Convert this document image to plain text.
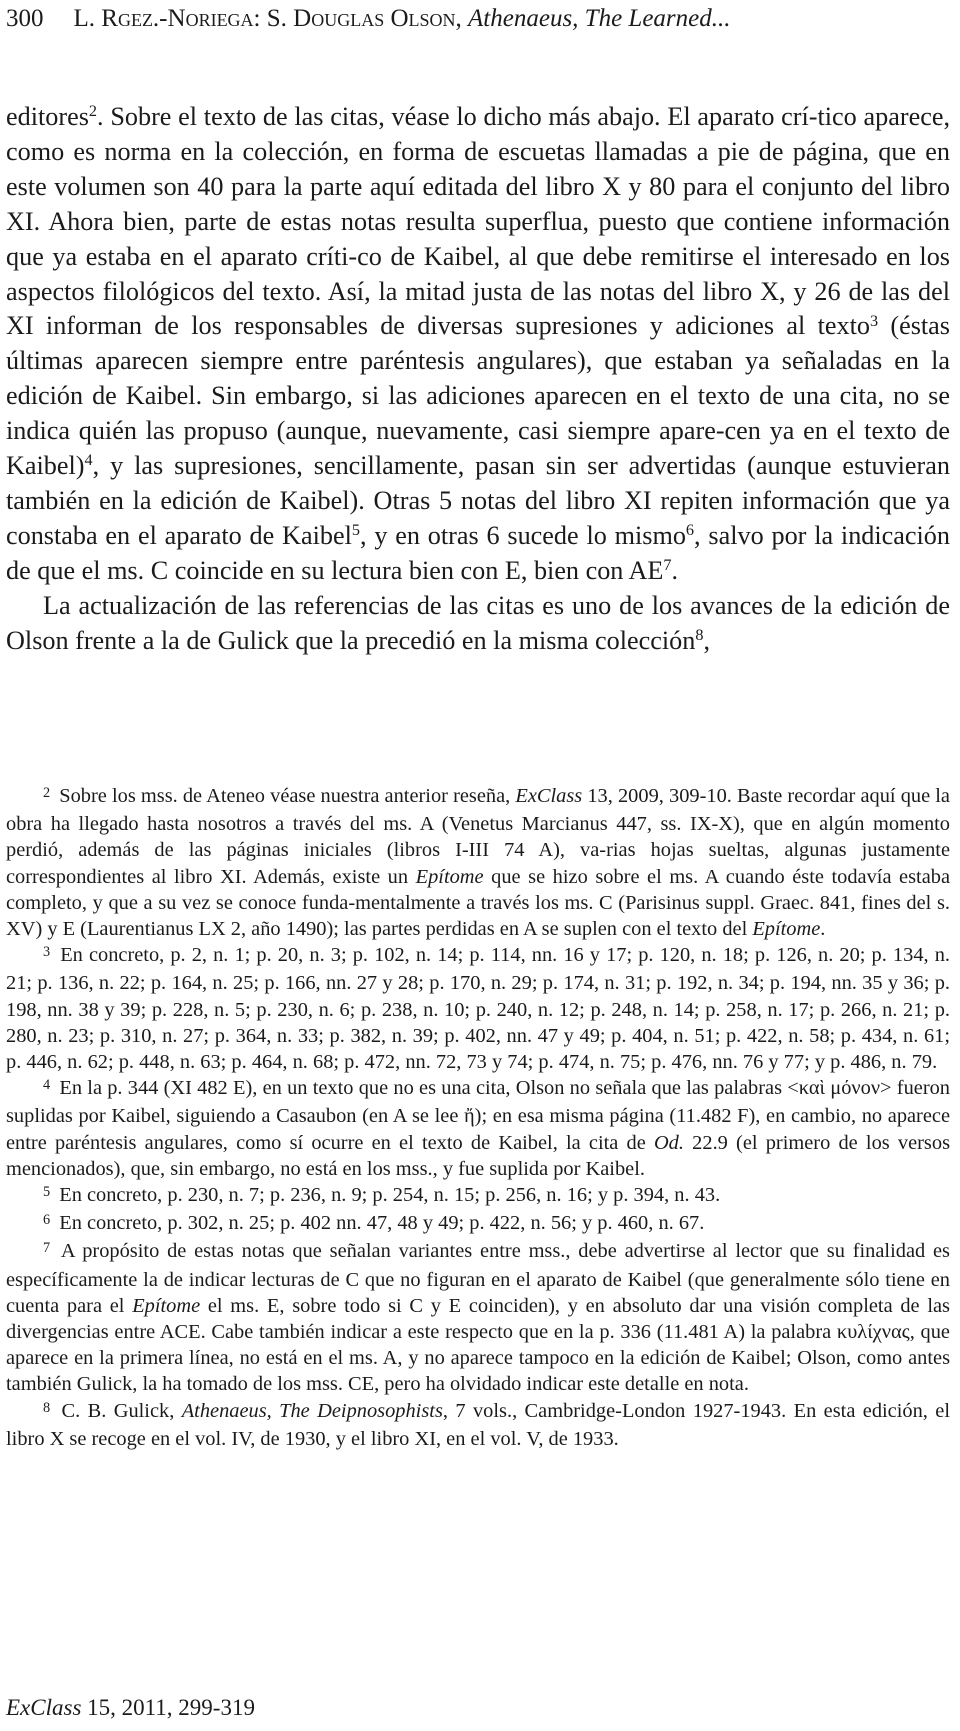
300 L. Rgez.-Noriega: S. Douglas Olson, Athenaeus, The Learned...

editores$^2$. Sobre el texto de las citas, véase lo dicho más abajo. El aparato crí-tico aparece, como es norma en la colección, en forma de escuetas llamadas a pie de página, que en este volumen son 40 para la parte aquí editada del libro X y 80 para el conjunto del libro XI. Ahora bien, parte de estas notas resulta superflua, puesto que contiene información que ya estaba en el aparato críti-co de Kaibel, al que debe remitirse el interesado en los aspectos filológicos del texto. Así, la mitad justa de las notas del libro X, y 26 de las del XI informan de los responsables de diversas supresiones y adiciones al texto$^3$ (éstas últimas aparecen siempre entre paréntesis angulares), que estaban ya señaladas en la edición de Kaibel. Sin embargo, si las adiciones aparecen en el texto de una cita, no se indica quién las propuso (aunque, nuevamente, casi siempre apare-cen ya en el texto de Kaibel)$^4$, y las supresiones, sencillamente, pasan sin ser advertidas (aunque estuvieran también en la edición de Kaibel). Otras 5 notas del libro XI repiten información que ya constaba en el aparato de Kaibel$^5$, y en otras 6 sucede lo mismo$^6$, salvo por la indicación de que el ms. C coincide en su lectura bien con E, bien con $AE^7$.

La actualización de las referencias de las citas es uno de los avances de la edición de Olson frente a la de Gulick que la precedió en la misma colección$^8$,

$^2$ Sobre los mss. de Ateneo véase nuestra anterior reseña, ExClass 13, 2009, 309-10. Baste recordar aquí que la obra ha llegado hasta nosotros a través del ms. A (Venetus Marcianus 447, ss. IX-X), que en algún momento perdió, además de las páginas iniciales (libros I-III 74 A), va-rias hojas sueltas, algunas justamente correspondientes al libro XI. Además, existe un Epítome que se hizo sobre el ms. A cuando éste todavía estaba completo, y que a su vez se conoce funda-mentalmente a través los ms. C (Parisinus suppl. Graec. 841, fines del s. XV) y E (Laurentianus LX 2, año 1490); las partes perdidas en A se suplen con el texto del Epítome.

$^3$ En concreto, p. 2, n. 1; p. 20, n. 3; p. 102, n. 14; p. 114, nn. 16 y 17; p. 120, n. 18; p. 126, n. 20; p. 134, n. 21; p. 136, n. 22; p. 164, n. 25; p. 166, nn. 27 y 28; p. 170, n. 29; p. 174, n. 31; p. 192, n. 34; p. 194, nn. 35 y 36; p. 198, nn. 38 y 39; p. 228, n. 5; p. 230, n. 6; p. 238, n. 10; p. 240, n. 12; p. 248, n. 14; p. 258, n. 17; p. 266, n. 21; p. 280, n. 23; p. 310, n. 27; p. 364, n. 33; p. 382, n. 39; p. 402, nn. 47 y 49; p. 404, n. 51; p. 422, n. 58; p. 434, n. 61; p. 446, n. 62; p. 448, n. 63; p. 464, n. 68; p. 472, nn. 72, 73 y 74; p. 474, n. 75; p. 476, nn. 76 y 77; y p. 486, n. 79.

$^4$ En la p. 344 (XI 482 E), en un texto que no es una cita, Olson no señala que las palabras <καὶ μόνον> fueron suplidas por Kaibel, siguiendo a Casaubon (en A se lee ἤ); en esa misma página (11.482 F), en cambio, no aparece entre paréntesis angulares, como sí ocurre en el texto de Kaibel, la cita de Od. 22.9 (el primero de los versos mencionados), que, sin embargo, no está en los mss., y fue suplida por Kaibel.

$^5$ En concreto, p. 230, n. 7; p. 236, n. 9; p. 254, n. 15; p. 256, n. 16; y p. 394, n. 43.

$^6$ En concreto, p. 302, n. 25; p. 402 nn. 47, 48 y 49; p. 422, n. 56; y p. 460, n. 67.

$^7$ A propósito de estas notas que señalan variantes entre mss., debe advertirse al lector que su finalidad es específicamente la de indicar lecturas de C que no figuran en el aparato de Kaibel (que generalmente sólo tiene en cuenta para el Epítome el ms. E, sobre todo si C y E coinciden), y en absoluto dar una visión completa de las divergencias entre ACE. Cabe también indicar a este respecto que en la p. 336 (11.481 A) la palabra κυλίχνας, que aparece en la primera línea, no está en el ms. A, y no aparece tampoco en la edición de Kaibel; Olson, como antes también Gulick, la ha tomado de los mss. CE, pero ha olvidado indicar este detalle en nota.

$^8$ C. B. Gulick, Athenaeus, The Deipnosophists, 7 vols., Cambridge-London 1927-1943. En esta edición, el libro X se recoge en el vol. IV, de 1930, y el libro XI, en el vol. V, de 1933.

ExClass 15, 2011, 299-319
